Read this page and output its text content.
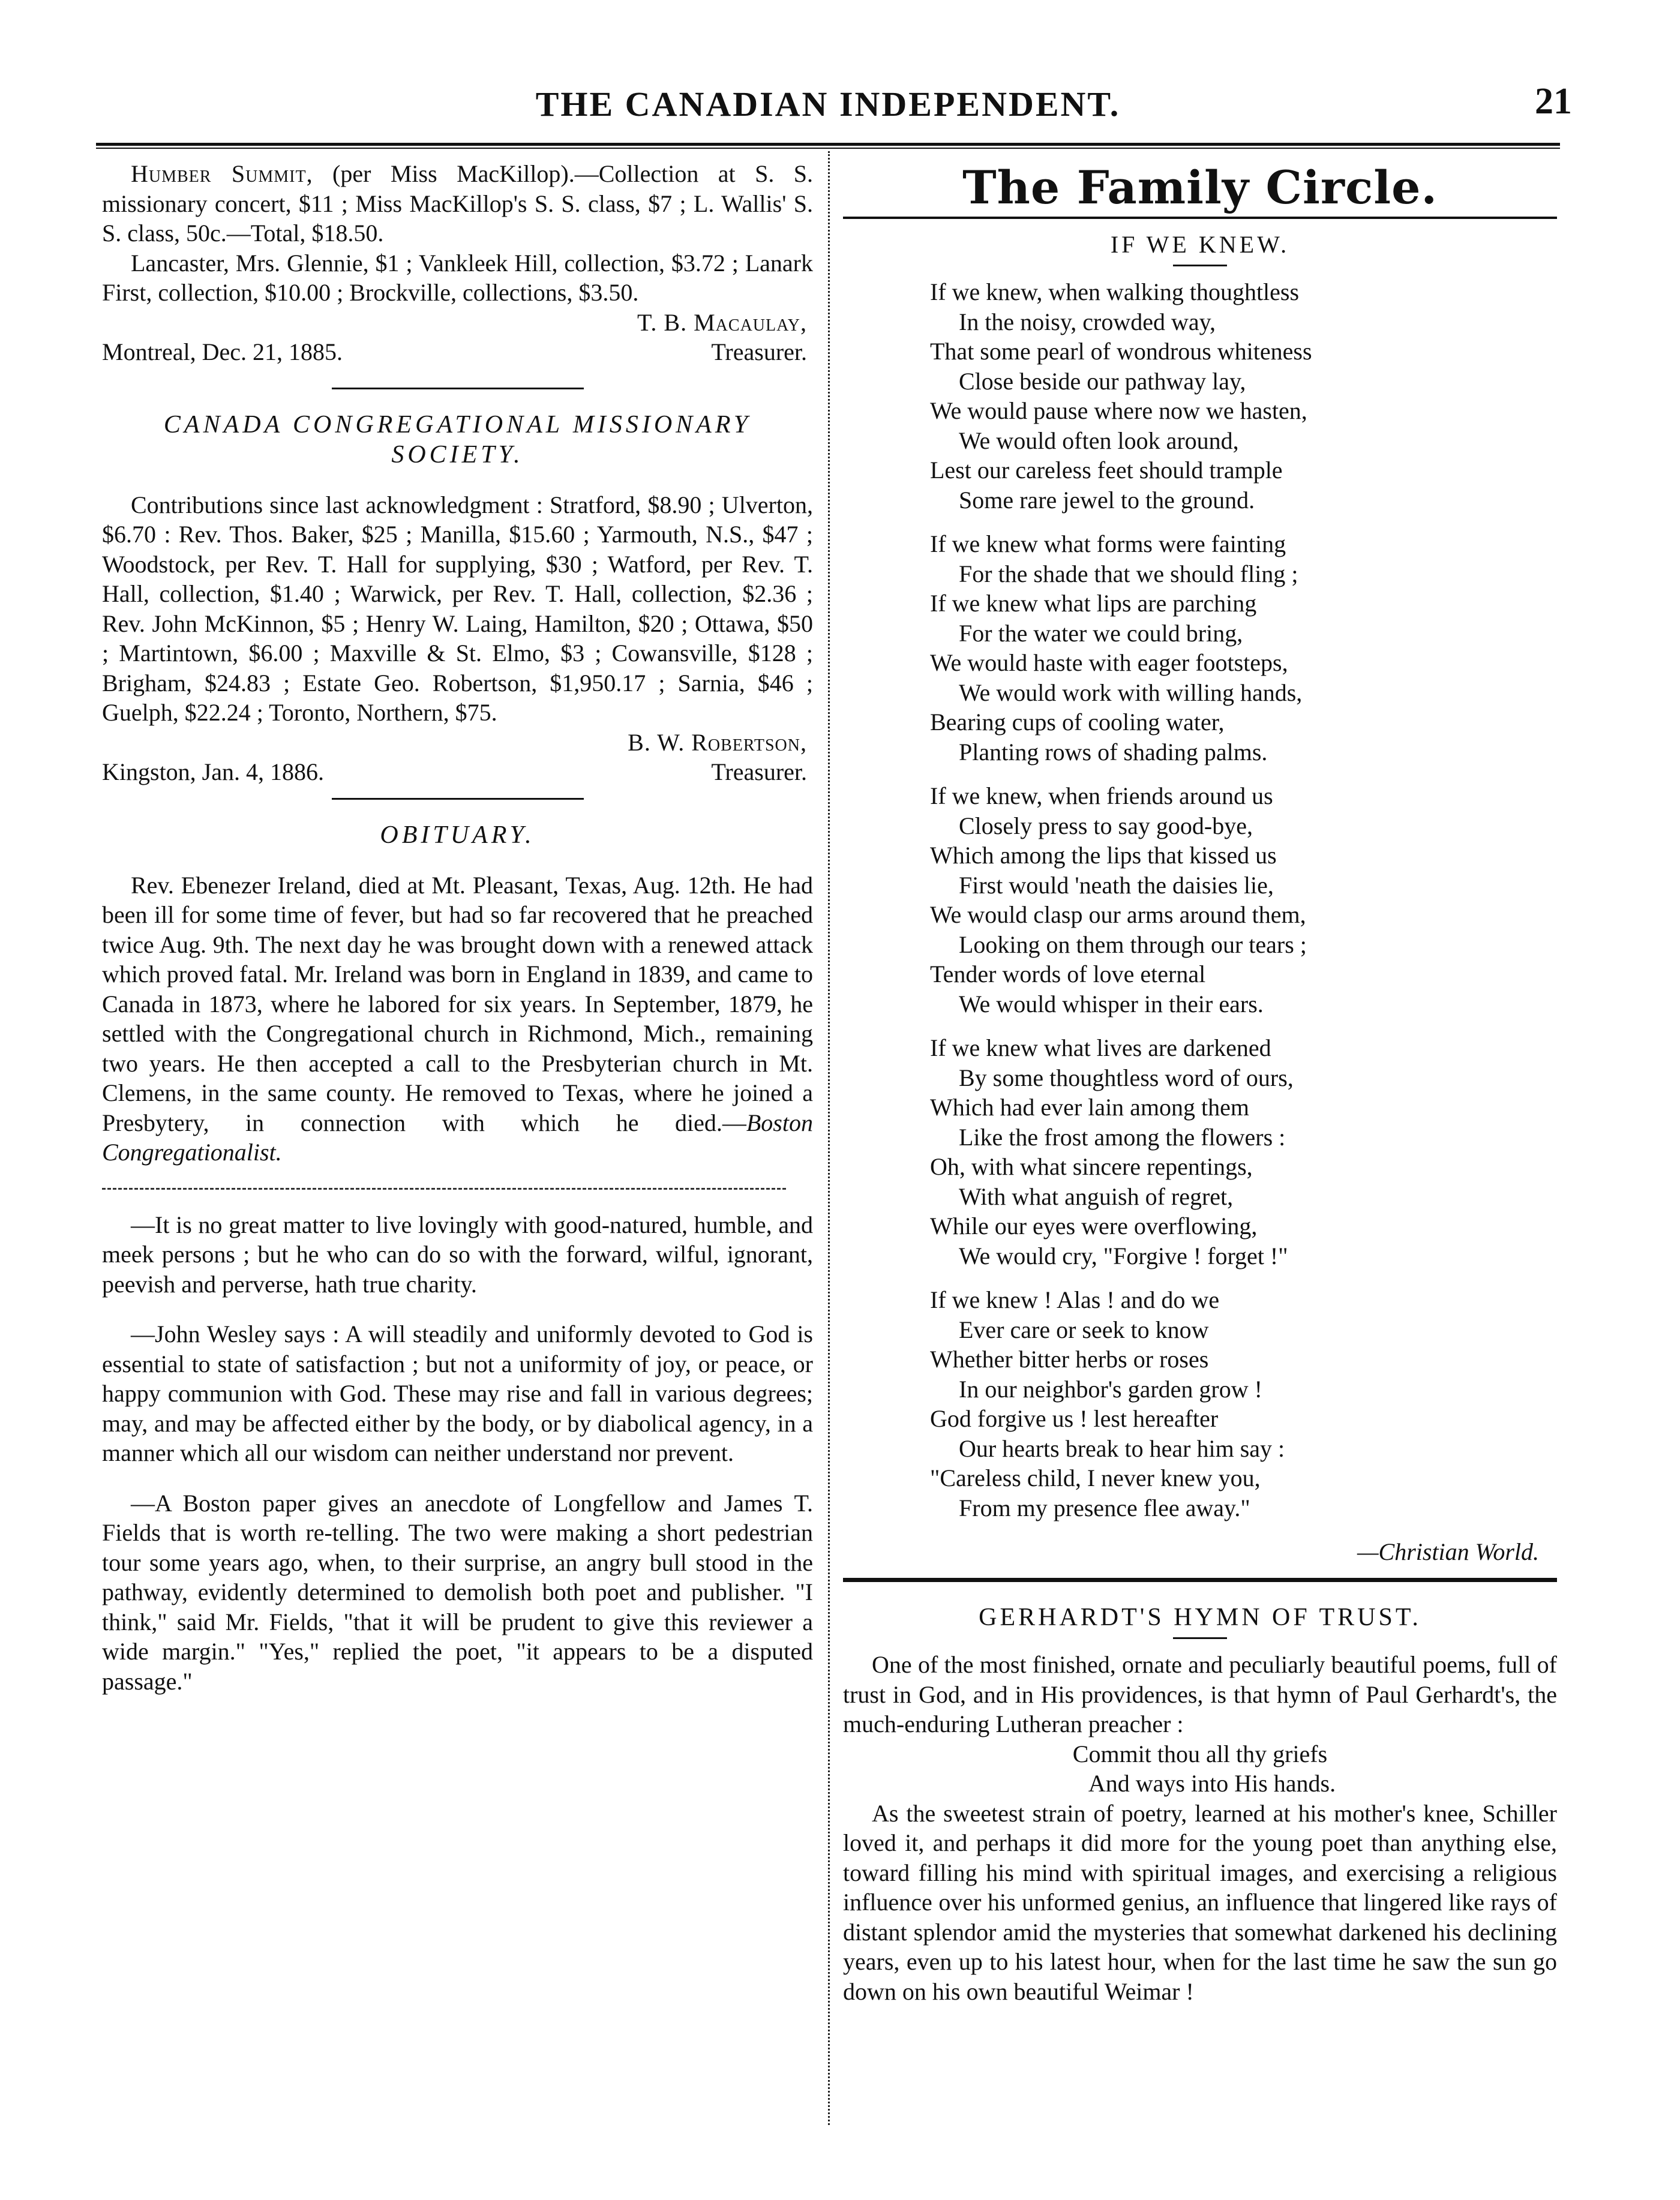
THE CANADIAN INDEPENDENT.	21

Humber Summit, (per Miss MacKillop).—Collection at S. S. missionary concert, $11 ; Miss MacKillop's S. S. class, $7 ; L. Wallis' S. S. class, 50c.—Total, $18.50.

Lancaster, Mrs. Glennie, $1 ; Vankleek Hill, collection, $3.72 ; Lanark First, collection, $10.00 ; Brockville, collections, $3.50.

T. B. Macaulay,

Montreal, Dec. 21, 1885.	Treasurer.

CANADA CONGREGATIONAL MISSIONARY SOCIETY.

Contributions since last acknowledgment : Stratford, $8.90 ; Ulverton, $6.70 : Rev. Thos. Baker, $25 ; Manilla, $15.60 ; Yarmouth, N.S., $47 ; Woodstock, per Rev. T. Hall for supplying, $30 ; Watford, per Rev. T. Hall, collection, $1.40 ; Warwick, per Rev. T. Hall, collection, $2.36 ; Rev. John McKinnon, $5 ; Henry W. Laing, Hamilton, $20 ; Ottawa, $50 ; Martintown, $6.00 ; Maxville & St. Elmo, $3 ; Cowansville, $128 ; Brigham, $24.83 ; Estate Geo. Robertson, $1,950.17 ; Sarnia, $46 ; Guelph, $22.24 ; Toronto, Northern, $75.

B. W. Robertson,

Kingston, Jan. 4, 1886.	Treasurer.

OBITUARY.

Rev. Ebenezer Ireland, died at Mt. Pleasant, Texas, Aug. 12th. He had been ill for some time of fever, but had so far recovered that he preached twice Aug. 9th. The next day he was brought down with a renewed attack which proved fatal. Mr. Ireland was born in England in 1839, and came to Canada in 1873, where he labored for six years. In September, 1879, he settled with the Congregational church in Richmond, Mich., remaining two years. He then accepted a call to the Presbyterian church in Mt. Clemens, in the same county. He removed to Texas, where he joined a Presbytery, in connection with which he died.—Boston Congregationalist.

—It is no great matter to live lovingly with good-natured, humble, and meek persons ; but he who can do so with the forward, wilful, ignorant, peevish and perverse, hath true charity.

—John Wesley says : A will steadily and uniformly devoted to God is essential to state of satisfaction ; but not a uniformity of joy, or peace, or happy communion with God. These may rise and fall in various degrees; may, and may be affected either by the body, or by diabolical agency, in a manner which all our wisdom can neither understand nor prevent.

—A Boston paper gives an anecdote of Longfellow and James T. Fields that is worth re-telling. The two were making a short pedestrian tour some years ago, when, to their surprise, an angry bull stood in the pathway, evidently determined to demolish both poet and publisher. "I think," said Mr. Fields, "that it will be prudent to give this reviewer a wide margin." "Yes," replied the poet, "it appears to be a disputed passage."

The Family Circle.

IF WE KNEW.

If we knew, when walking thoughtless
In the noisy, crowded way,
That some pearl of wondrous whiteness
Close beside our pathway lay,
We would pause where now we hasten,
We would often look around,
Lest our careless feet should trample
Some rare jewel to the ground.
If we knew what forms were fainting
For the shade that we should fling ;
If we knew what lips are parching
For the water we could bring,
We would haste with eager footsteps,
We would work with willing hands,
Bearing cups of cooling water,
Planting rows of shading palms.
If we knew, when friends around us
Closely press to say good-bye,
Which among the lips that kissed us
First would 'neath the daisies lie,
We would clasp our arms around them,
Looking on them through our tears ;
Tender words of love eternal
We would whisper in their ears.
If we knew what lives are darkened
By some thoughtless word of ours,
Which had ever lain among them
Like the frost among the flowers :
Oh, with what sincere repentings,
With what anguish of regret,
While our eyes were overflowing,
We would cry, "Forgive ! forget !"
If we knew ! Alas ! and do we
Ever care or seek to know
Whether bitter herbs or roses
In our neighbor's garden grow !
God forgive us ! lest hereafter
Our hearts break to hear him say :
"Careless child, I never knew you,
From my presence flee away."

—Christian World.

GERHARDT'S HYMN OF TRUST.

One of the most finished, ornate and peculiarly beautiful poems, full of trust in God, and in His providences, is that hymn of Paul Gerhardt's, the much-enduring Lutheran preacher :

Commit thou all thy griefs
And ways into His hands.

As the sweetest strain of poetry, learned at his mother's knee, Schiller loved it, and perhaps it did more for the young poet than anything else, toward filling his mind with spiritual images, and exercising a religious influence over his unformed genius, an influence that lingered like rays of distant splendor amid the mysteries that somewhat darkened his declining years, even up to his latest hour, when for the last time he saw the sun go down on his own beautiful Weimar !
